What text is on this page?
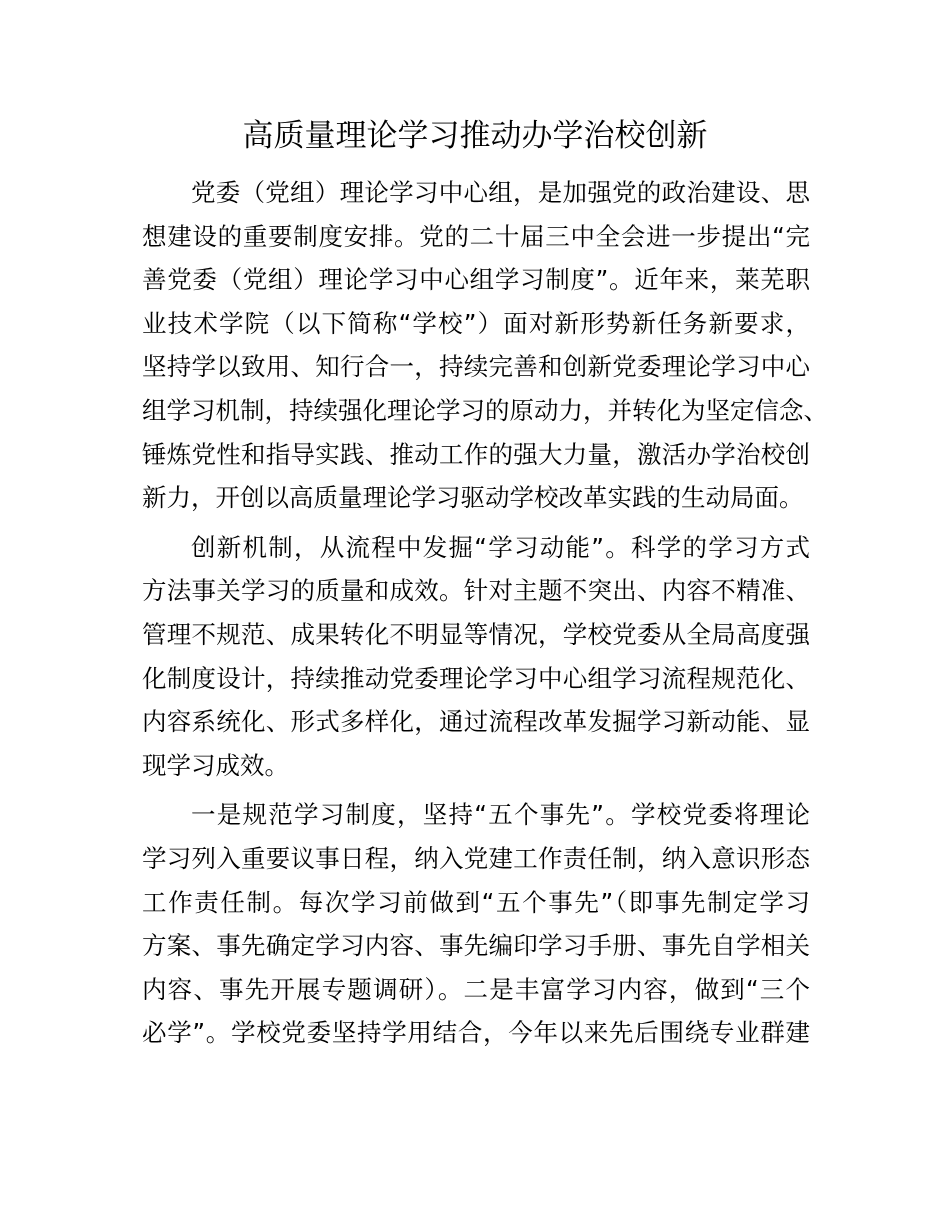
高质量理论学习推动办学治校创新
党委（党组）理论学习中心组，是加强党的政治建设、思
想建设的重要制度安排。党的二十届三中全会进一步提出“完
善党委（党组）理论学习中心组学习制度”。近年来，莱芜职
业技术学院（以下简称“学校”）面对新形势新任务新要求，
坚持学以致用、知行合一，持续完善和创新党委理论学习中心
组学习机制，持续强化理论学习的原动力，并转化为坚定信念、
锤炼党性和指导实践、推动工作的强大力量，激活办学治校创
新力，开创以高质量理论学习驱动学校改革实践的生动局面。
创新机制，从流程中发掘“学习动能”。科学的学习方式
方法事关学习的质量和成效。针对主题不突出、内容不精准、
管理不规范、成果转化不明显等情况，学校党委从全局高度强
化制度设计，持续推动党委理论学习中心组学习流程规范化、
内容系统化、形式多样化，通过流程改革发掘学习新动能、显
现学习成效。
一是规范学习制度，坚持“五个事先”。学校党委将理论
学习列入重要议事日程，纳入党建工作责任制，纳入意识形态
工作责任制。每次学习前做到“五个事先”（即事先制定学习
方案、事先确定学习内容、事先编印学习手册、事先自学相关
内容、事先开展专题调研）。二是丰富学习内容，做到“三个
必学”。学校党委坚持学用结合，今年以来先后围绕专业群建
